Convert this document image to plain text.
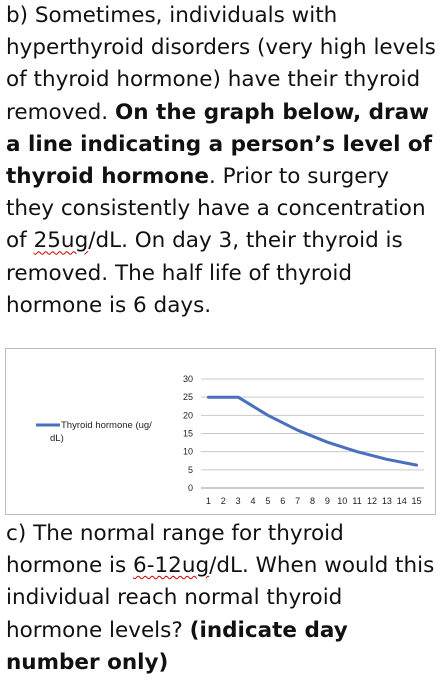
b) Sometimes, individuals with hyperthyroid disorders (very high levels of thyroid hormone) have their thyroid removed. On the graph below, draw a line indicating a person’s level of thyroid hormone. Prior to surgery they consistently have a concentration of 25ug/dL. On day 3, their thyroid is removed. The half life of thyroid hormone is 6 days.
0
5
10
15
20
25
30
1 2 3 4 5 6 7 8 9 10 11 12 13 14 15
Thyroid hormone (ug/
dL)
c) The normal range for thyroid hormone is 6-12ug/dL. When would this individual reach normal thyroid hormone levels? (indicate day number only)
